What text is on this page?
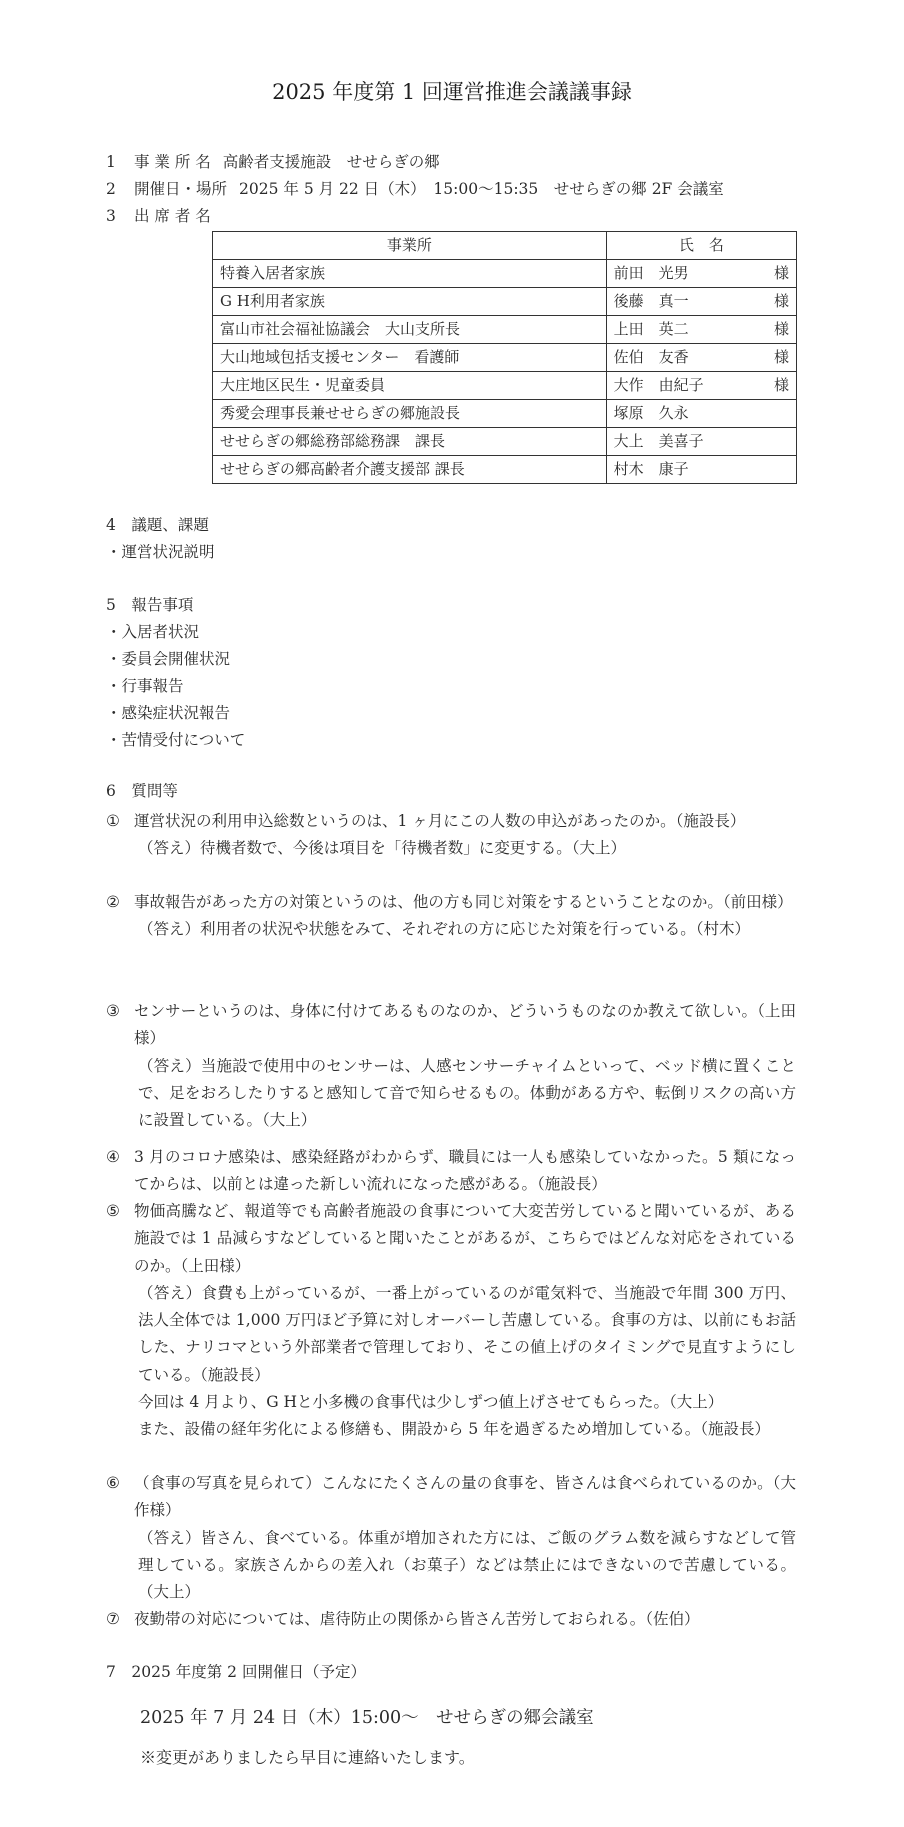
2025 年度第 1 回運営推進会議議事録
1 事 業 所 名 高齢者支援施設　せせらぎの郷
2 開催日・場所 2025 年 5 月 22 日（木）　15:00～15:35　せせらぎの郷 2F 会議室
3 出 席 者 名
事業所	氏　名
特養入居者家族	前田　光男 様

G H利用者家族	後藤　真一 様

富山市社会福祉協議会　大山支所長	上田　英二 様

大山地域包括支援センター　看護師	佐伯　友香 様

大庄地区民生・児童委員	大作　由紀子 様

秀愛会理事長兼せせらぎの郷施設長	塚原　久永
せせらぎの郷総務部総務課　課長	大上　美喜子
せせらぎの郷高齢者介護支援部 課長	村木　康子
4　議題、課題
・運営状況説明
5　報告事項
・入居者状況
・委員会開催状況
・行事報告
・感染症状況報告
・苦情受付について
6　質問等
① 運営状況の利用申込総数というのは、1 ヶ月にこの人数の申込があったのか。（施設長）
（答え）待機者数で、今後は項目を「待機者数」に変更する。（大上）
② 事故報告があった方の対策というのは、他の方も同じ対策をするということなのか。（前田様）
（答え）利用者の状況や状態をみて、それぞれの方に応じた対策を行っている。（村木）
③ センサーというのは、身体に付けてあるものなのか、どういうものなのか教えて欲しい。（上田様）
（答え）当施設で使用中のセンサーは、人感センサーチャイムといって、ベッド横に置くことで、足をおろしたりすると感知して音で知らせるもの。体動がある方や、転倒リスクの高い方に設置している。（大上）
④ 3 月のコロナ感染は、感染経路がわからず、職員には一人も感染していなかった。5 類になってからは、以前とは違った新しい流れになった感がある。（施設長）
⑤ 物価高騰など、報道等でも高齢者施設の食事について大変苦労していると聞いているが、ある施設では 1 品減らすなどしていると聞いたことがあるが、こちらではどんな対応をされているのか。（上田様）
（答え）食費も上がっているが、一番上がっているのが電気料で、当施設で年間 300 万円、法人全体では 1,000 万円ほど予算に対しオーバーし苦慮している。食事の方は、以前にもお話した、ナリコマという外部業者で管理しており、そこの値上げのタイミングで見直すようにしている。（施設長）
今回は 4 月より、G Hと小多機の食事代は少しずつ値上げさせてもらった。（大上）
また、設備の経年劣化による修繕も、開設から 5 年を過ぎるため増加している。（施設長）
⑥ （食事の写真を見られて）こんなにたくさんの量の食事を、皆さんは食べられているのか。（大作様）
（答え）皆さん、食べている。体重が増加された方には、ご飯のグラム数を減らすなどして管理している。家族さんからの差入れ（お菓子）などは禁止にはできないので苦慮している。（大上）
⑦ 夜勤帯の対応については、虐待防止の関係から皆さん苦労しておられる。（佐伯）
7　2025 年度第 2 回開催日（予定）
2025 年 7 月 24 日（木）15:00～　せせらぎの郷会議室
※変更がありましたら早目に連絡いたします。
